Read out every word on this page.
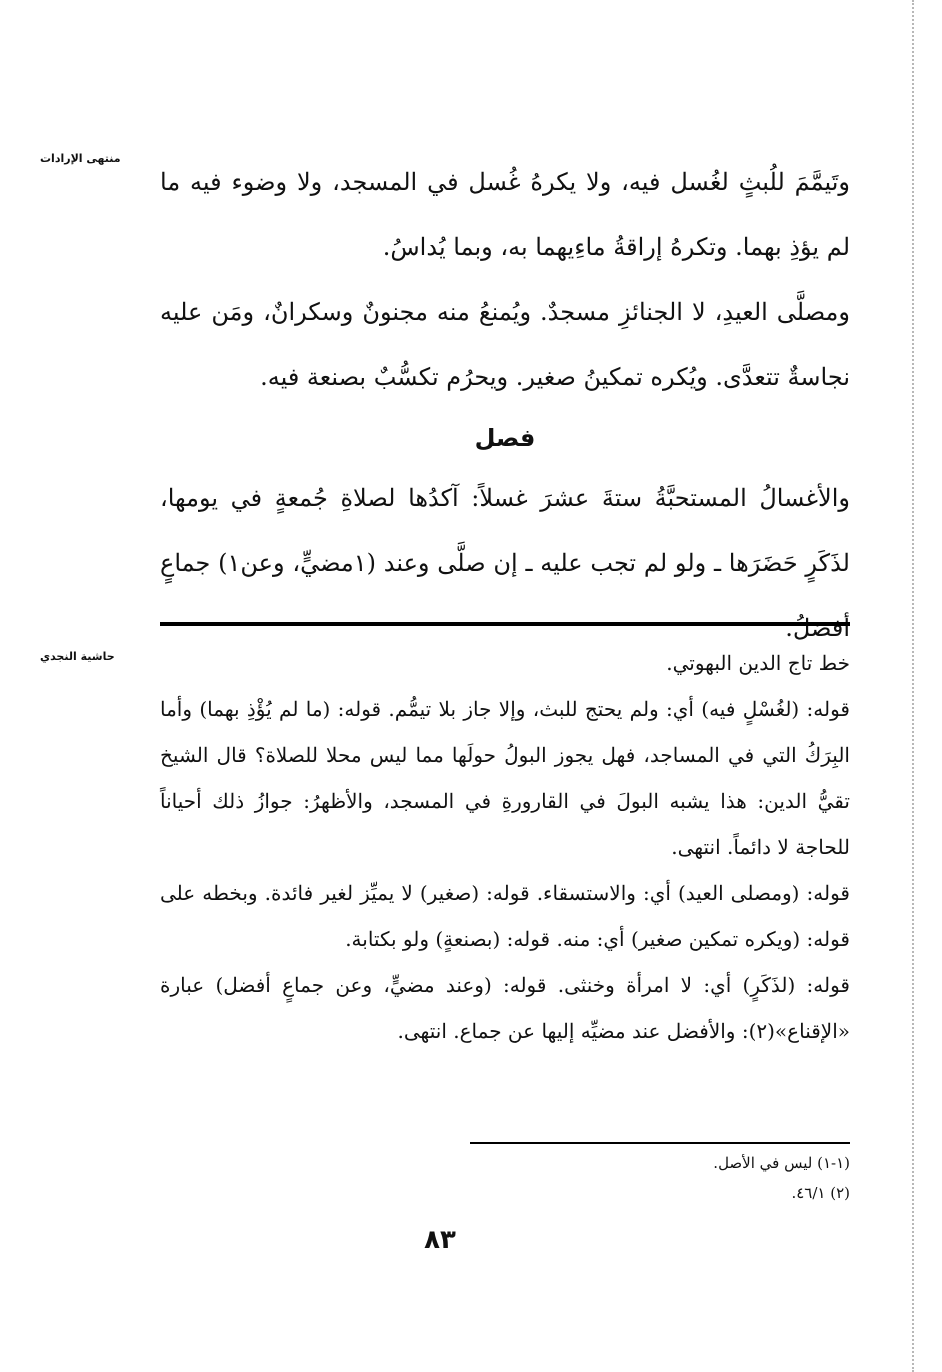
منتهى الإرادات
حاشية النجدي

وتَيمَّمَ للُبثٍ لغُسل فيه، ولا يكرهُ غُسل في المسجد، ولا وضوء فيه ما لم يؤذِ بهما. وتكرهُ إراقةُ ماءِيهما به، وبما يُداسُ.

ومصلَّى العيدِ، لا الجنائزِ مسجدٌ. ويُمنعُ منه مجنونٌ وسكرانٌ، ومَن عليه نجاسةٌ تتعدَّى. ويُكره تمكينُ صغير. ويحرُم تكسُّبٌ بصنعة فيه.

فصل

والأغسالُ المستحبَّةُ ستةَ عشرَ غسلاً: آكدُها لصلاةِ جُمعةٍ في يومها، لذَكَرٍ حَضَرَها ـ ولو لم تجب عليه ـ إن صلَّى وعند (١مضيٍّ، وعن١) جماعٍ أفضلُ.

خط تاج الدين البهوتي.

قوله: (لغُسْلٍ فيه) أي: ولم يحتج للبث، وإلا جاز بلا تيمُّم. قوله: (ما لم يُؤْذِ بهما) وأما البِرَكُ التي في المساجد، فهل يجوز البولُ حولَها مما ليس محلا للصلاة؟ قال الشيخ تقيُّ الدين: هذا يشبه البولَ في القارورةِ في المسجد، والأظهرُ: جوازُ ذلك أحياناً للحاجة لا دائماً. انتهى.

قوله: (ومصلى العيد) أي: والاستسقاء. قوله: (صغير) لا يميِّز لغير فائدة. وبخطه على قوله: (ويكره تمكين صغير) أي: منه. قوله: (بصنعةٍ) ولو بكتابة.

قوله: (لذَكَرٍ) أي: لا امرأة وخنثى. قوله: (وعند مضيٍّ، وعن جماعٍ أفضل) عبارة «الإقناع»(٢): والأفضل عند مضيِّه إليها عن جماع. انتهى.

(١-١) ليس في الأصل.

(٢) ٤٦/١.

٨٣
